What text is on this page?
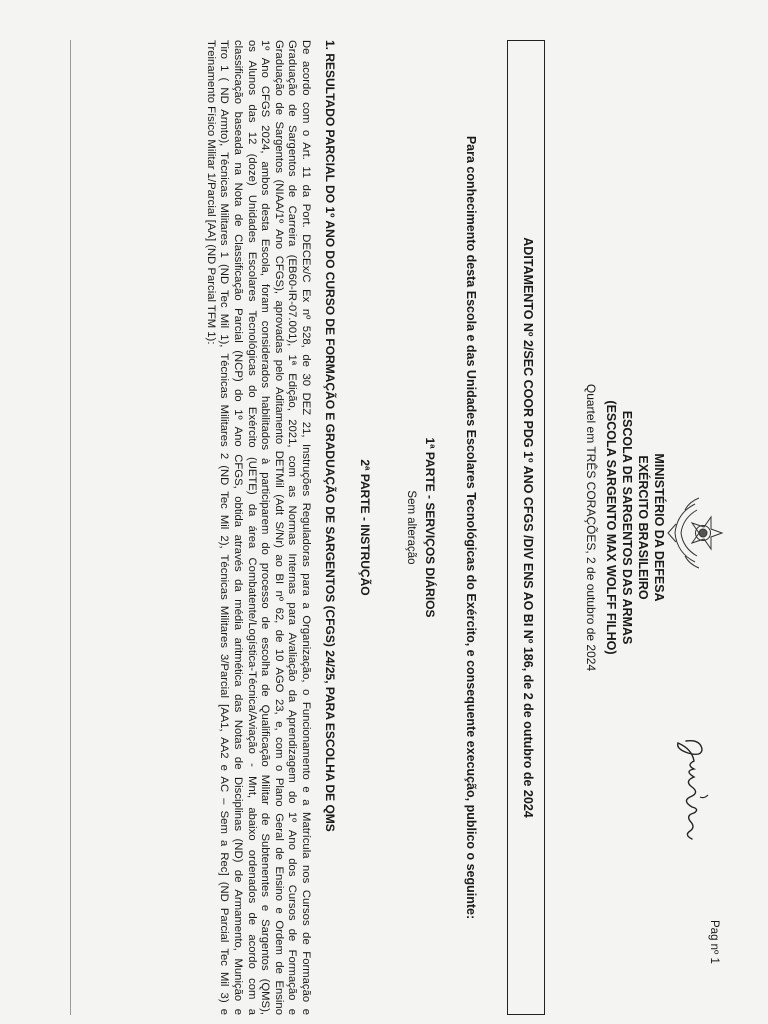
MINISTÉRIO DA DEFESA
EXÉRCITO BRASILEIRO
ESCOLA DE SARGENTOS DAS ARMAS
(ESCOLA SARGENTO MAX WOLFF FILHO)
Quartel em TRÊS CORAÇÕES, 2 de outubro de 2024
Pag nº 1
ADITAMENTO Nº 2/SEC COOR PDG 1º ANO CFGS /DIV ENS AO BI Nº 186, de 2 de outubro de 2024
Para conhecimento desta Escola e das Unidades Escolares Tecnológicas do Exército, e consequente execução, publico o seguinte:
1ª PARTE - SERVIÇOS DIÁRIOS
Sem alteração
2ª PARTE - INSTRUÇÃO
1. RESULTADO PARCIAL DO 1º ANO DO CURSO DE FORMAÇÃO E GRADUAÇÃO DE SARGENTOS (CFGS) 24/25, PARA ESCOLHA DE QMS
De acordo com o Art. 11 da Port. DECEx/C Ex nº 528, de 30 DEZ 21, Instruções Reguladoras para a Organização, o Funcionamento e a Matrícula nos Cursos de Formação e
Graduação de Sargentos de Carreira (EB60-IR-07.001), 1ª Edição, 2021, com as Normas Internas para Avaliação da Aprendizagem do 1º Ano dos Cursos de Formação e
Graduação de Sargentos (NIAA/1º Ano CFGS), aprovadas pelo Aditamento DETMil (Adt S/Nr) ao BI nº 62, de 10 AGO 23, e, com o Plano Geral de Ensino e Ordem de Ensino
1º Ano CFGS 2024, ambos desta Escola, foram considerados habilitados à participarem do processo de escolha de Qualificação Militar de Subtenentes e Sargentos (QMS),
os Alunos das 12 (doze) Unidades Escolares Tecnológicas do Exército (UETE) da área Combatente/Logística-Técnica/Aviação - Mnt, abaixo ordenados de acordo com a
classificação baseada na Nota de Classificação Parcial (NCP) do 1º Ano CFGS, obtida através da média aritmética das Notas de Disciplinas (ND) de Armamento, Munição e
Tiro 1 ( ND Armto), Técnicas Militares 1 (ND Tec Mil 1), Técnicas Militares 2 (ND Tec Mil 2), Técnicas Militares 3/Parcial [AA1, AA2 e AC – Sem a Rec] (ND Parcial Tec Mil 3) e
Treinamento Físico Militar 1/Parcial [AA] (ND Parcial TFM 1):
